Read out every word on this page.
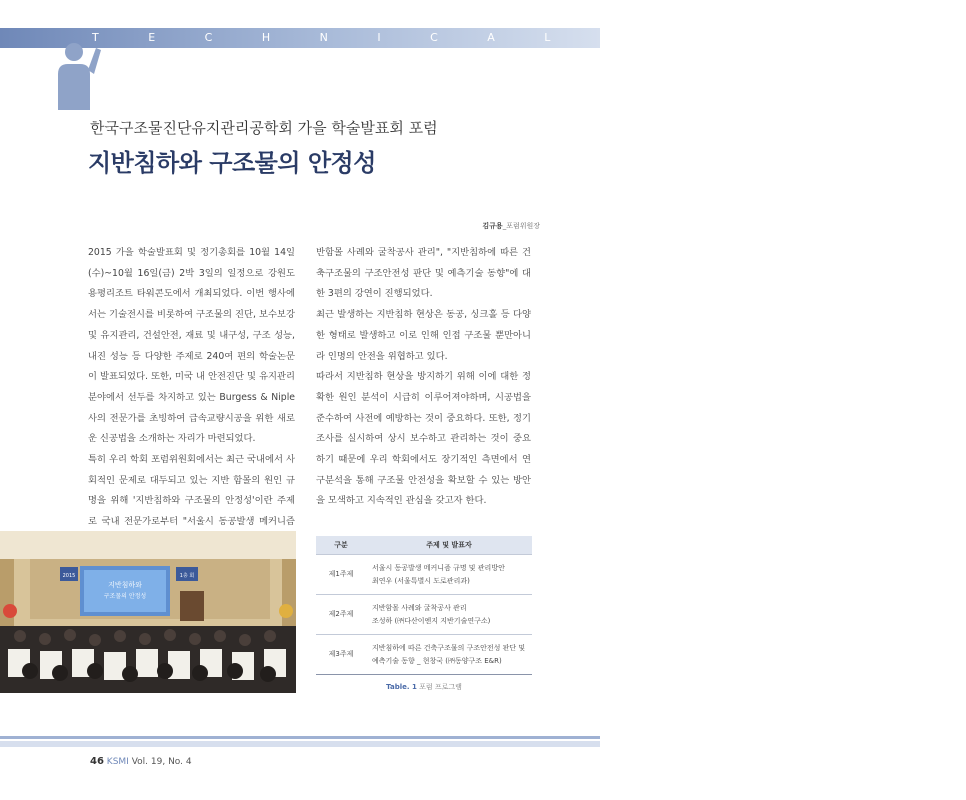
T E C H N I C A L A R T I C L E
한국구조물진단유지관리공학회 가을 학술발표회 포럼
지반침하와 구조물의 안정성
김규용_포럼위원장

2015 가을 학술발표회 및 정기총회를 10월 14일(수)~10월 16일(금) 2박 3일의 일정으로 강원도 용평리조트 타워콘도에서 개최되었다. 이번 행사에서는 기술전시를 비롯하여 구조물의 진단, 보수보강 및 유지관리, 건설안전, 재료 및 내구성, 구조 성능, 내진 성능 등 다양한 주제로 240여 편의 학술논문이 발표되었다. 또한, 미국 내 안전진단 및 유지관리 분야에서 선두를 차지하고 있는 Burgess & Niple사의 전문가를 초빙하여 급속교량시공을 위한 새로운 신공법을 소개하는 자리가 마련되었다.

특히 우리 학회 포럼위원회에서는 최근 국내에서 사회적인 문제로 대두되고 있는 지반 함몰의 원인 규명을 위해 '지반침하와 구조물의 안정성'이란 주제로 국내 전문가로부터 "서울시 동공발생 메커니즘

반함몰 사례와 굴착공사 관리", "지반침하에 따른 건축구조물의 구조안전성 판단 및 예측기술 동향"에 대한 3편의 강연이 진행되었다.

최근 발생하는 지반침하 현상은 동공, 싱크홀 등 다양한 형태로 발생하고 이로 인해 인접 구조물 뿐만아니라 인명의 안전을 위협하고 있다.

따라서 지반침하 현상을 방지하기 위해 이에 대한 정확한 원인 분석이 시급히 이루어져야하며, 시공법을 준수하여 사전에 예방하는 것이 중요하다. 또한, 정기조사를 실시하여 상시 보수하고 관리하는 것이 중요하기 때문에 우리 학회에서도 장기적인 측면에서 연구분석을 통해 구조물 안전성을 확보할 수 있는 방안을 모색하고 지속적인 관심을 갖고자 한다.

지반침하와
구조물의 안정성
2015	1층 회
구분	주제 및 발표자
제1주제	서울시 동공발생 메커니즘 규명 및 관리방안
최연우 (서울특별시 도로관리과)

제2주제	지반함몰 사례와 굴착공사 관리
조성하 (㈜다산이엔지 지반기술연구소)

제3주제	지반침하에 따른 건축구조물의 구조안전성 판단 및
예측기술 동향 _ 현창국 (㈜동양구조 E&R)
Table. 1 포럼 프로그램
46 KSMI Vol. 19, No. 4
